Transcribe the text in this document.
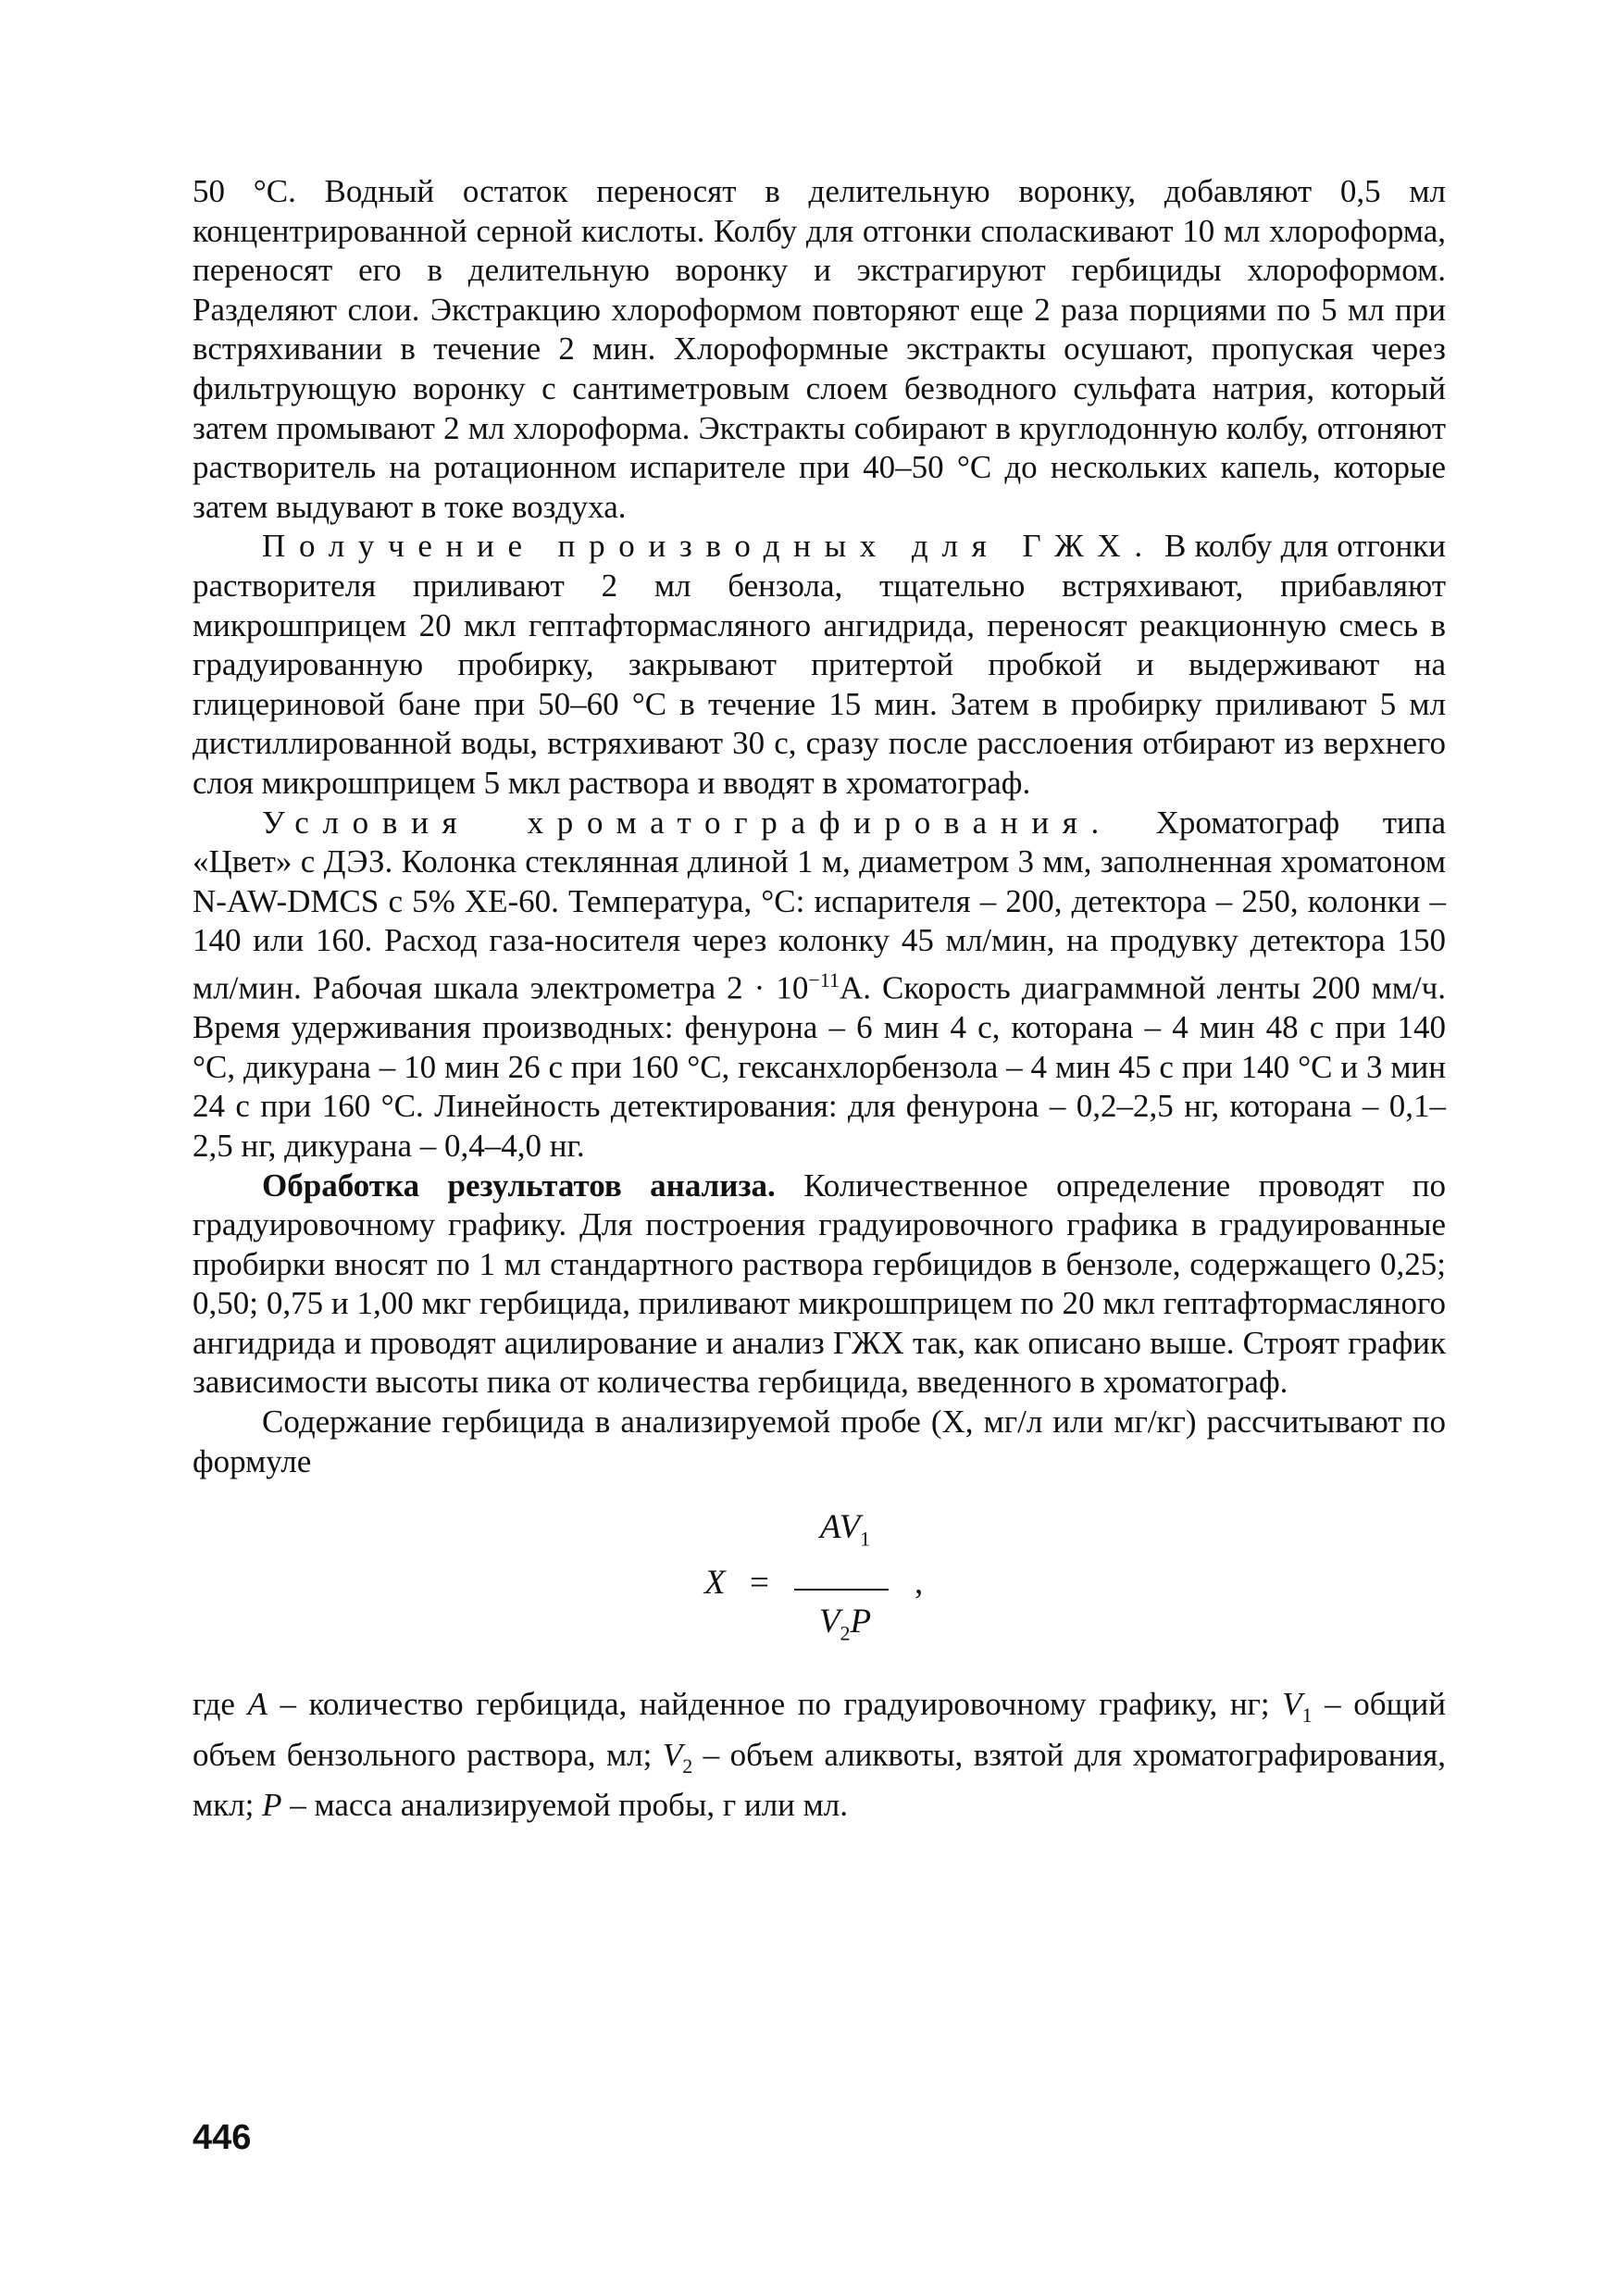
50 °С. Водный остаток переносят в делительную воронку, добавляют 0,5 мл концентрированной серной кислоты. Колбу для отгонки споласкивают 10 мл хлороформа, переносят его в делительную воронку и экстрагируют гербициды хлороформом. Разделяют слои. Экстракцию хлороформом повторяют еще 2 раза порциями по 5 мл при встряхивании в течение 2 мин. Хлороформные экстракты осушают, пропуская через фильтрующую воронку с сантиметровым слоем безводного сульфата натрия, который затем промывают 2 мл хлороформа. Экстракты собирают в круглодонную колбу, отгоняют растворитель на ротационном испарителе при 40–50 °С до нескольких капель, которые затем выдувают в токе воздуха.

Получение производных для ГЖХ. В колбу для отгонки растворителя приливают 2 мл бензола, тщательно встряхивают, прибавляют микрошприцем 20 мкл гептафтормасляного ангидрида, переносят реакционную смесь в градуированную пробирку, закрывают притертой пробкой и выдерживают на глицериновой бане при 50–60 °С в течение 15 мин. Затем в пробирку приливают 5 мл дистиллированной воды, встряхивают 30 с, сразу после расслоения отбирают из верхнего слоя микрошприцем 5 мкл раствора и вводят в хроматограф.

Условия хроматографирования. Хроматограф типа «Цвет» с ДЭЗ. Колонка стеклянная длиной 1 м, диаметром 3 мм, заполненная хроматоном N-AW-DMCS с 5% XE-60. Температура, °С: испарителя – 200, детектора – 250, колонки – 140 или 160. Расход газа-носителя через колонку 45 мл/мин, на продувку детектора 150 мл/мин. Рабочая шкала электрометра $2 \cdot 10^{-11}А$. Скорость диаграммной ленты 200 мм/ч. Время удерживания производных: фенурона – 6 мин 4 с, которана – 4 мин 48 с при 140 °С, дикурана – 10 мин 26 с при 160 °С, гексанхлорбензола – 4 мин 45 с при 140 °С и 3 мин 24 с при 160 °С. Линейность детектирования: для фенурона – 0,2–2,5 нг, которана – 0,1–2,5 нг, дикурана – 0,4–4,0 нг.

Обработка результатов анализа. Количественное определение проводят по градуировочному графику. Для построения градуировочного графика в градуированные пробирки вносят по 1 мл стандартного раствора гербицидов в бензоле, содержащего 0,25; 0,50; 0,75 и 1,00 мкг гербицида, приливают микрошприцем по 20 мкл гептафтормасляного ангидрида и проводят ацилирование и анализ ГЖХ так, как описано выше. Строят график зависимости высоты пика от количества гербицида, введенного в хроматограф.

Содержание гербицида в анализируемой пробе (X, мг/л или мг/кг) рассчитывают по формуле

X =
$AV_1$
$V_2P$
,

где A – количество гербицида, найденное по градуировочному графику, нг; $V_1$ – общий объем бензольного раствора, мл; $V_2$ – объем аликвоты, взятой для хроматографирования, мкл; P – масса анализируемой пробы, г или мл.

446
